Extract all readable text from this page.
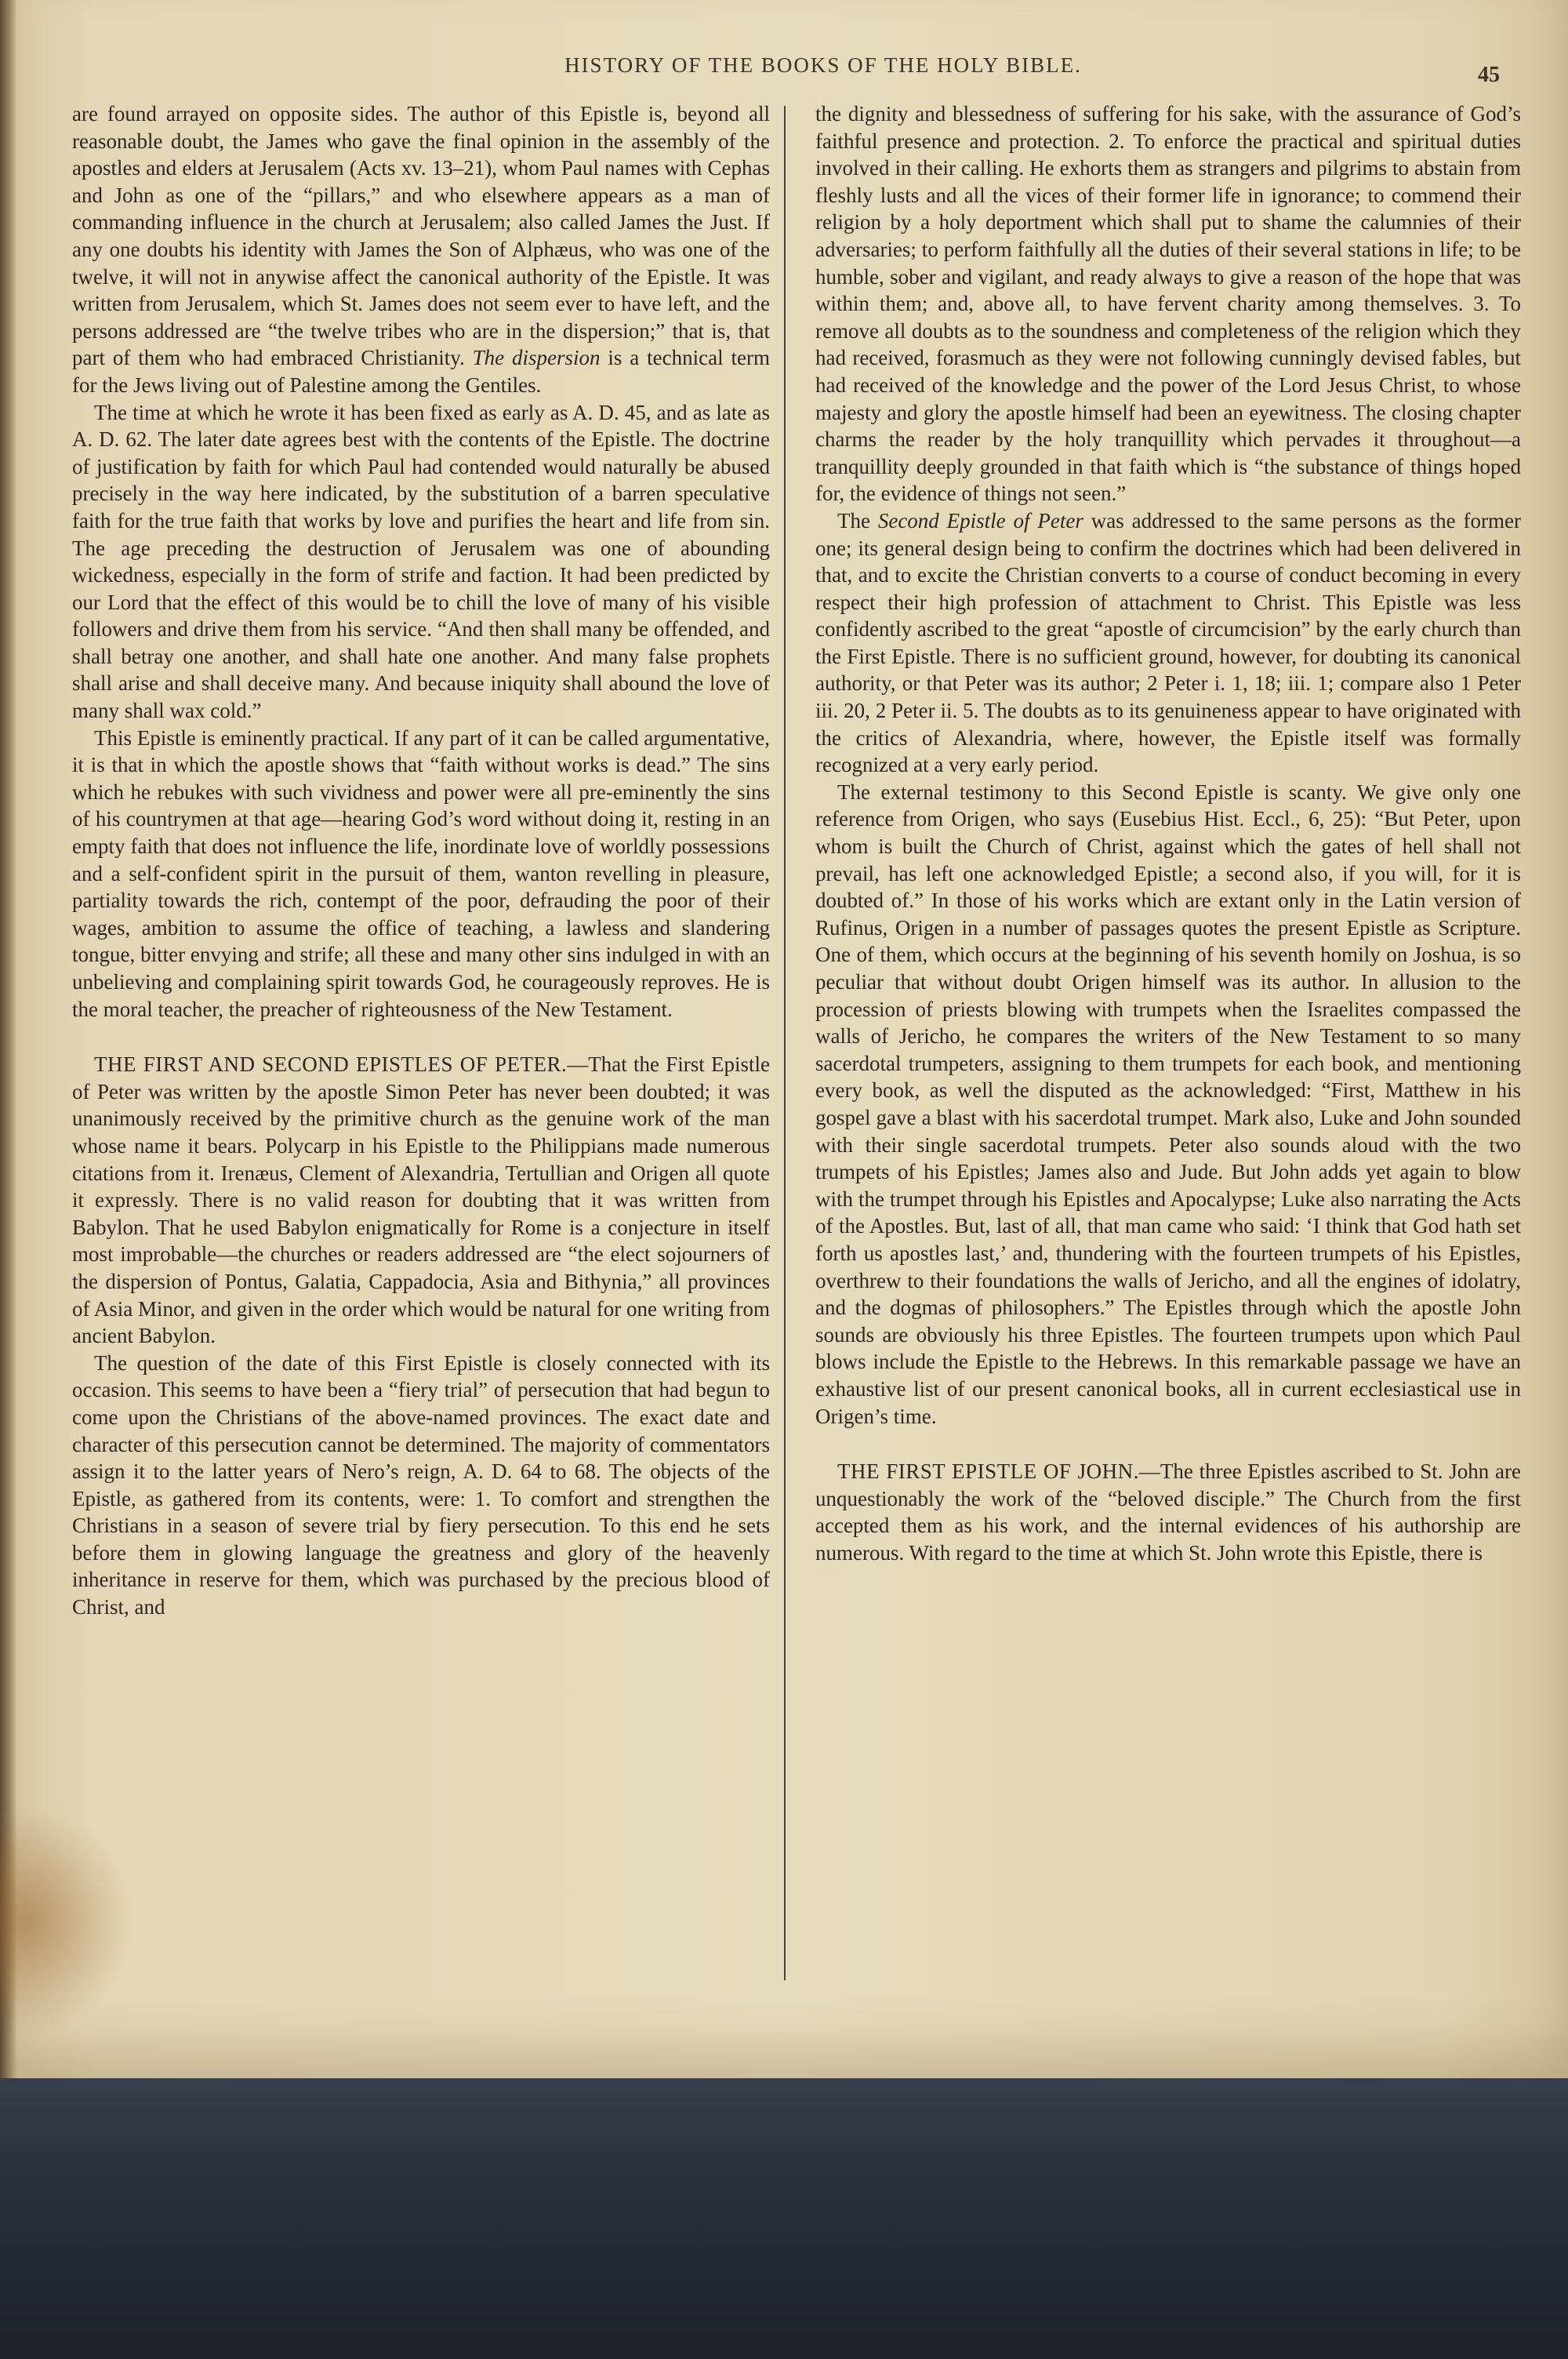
HISTORY OF THE BOOKS OF THE HOLY BIBLE.	45

are found arrayed on opposite sides. The author of this Epistle is, beyond all reasonable doubt, the James who gave the final opinion in the assembly of the apostles and elders at Jerusalem (Acts xv. 13–21), whom Paul names with Cephas and John as one of the “pillars,” and who elsewhere appears as a man of commanding influence in the church at Jerusalem; also called James the Just. If any one doubts his identity with James the Son of Alphæus, who was one of the twelve, it will not in anywise affect the canonical authority of the Epistle. It was written from Jerusalem, which St. James does not seem ever to have left, and the persons addressed are “the twelve tribes who are in the dispersion;” that is, that part of them who had embraced Christianity. The dispersion is a technical term for the Jews living out of Palestine among the Gentiles.

The time at which he wrote it has been fixed as early as A. D. 45, and as late as A. D. 62. The later date agrees best with the contents of the Epistle. The doctrine of justification by faith for which Paul had contended would naturally be abused precisely in the way here indicated, by the substitution of a barren speculative faith for the true faith that works by love and purifies the heart and life from sin. The age preceding the destruction of Jerusalem was one of abounding wickedness, especially in the form of strife and faction. It had been predicted by our Lord that the effect of this would be to chill the love of many of his visible followers and drive them from his service. “And then shall many be offended, and shall betray one another, and shall hate one another. And many false prophets shall arise and shall deceive many. And because iniquity shall abound the love of many shall wax cold.”

This Epistle is eminently practical. If any part of it can be called argumentative, it is that in which the apostle shows that “faith without works is dead.” The sins which he rebukes with such vividness and power were all pre-eminently the sins of his countrymen at that age—hearing God’s word without doing it, resting in an empty faith that does not influence the life, inordinate love of worldly possessions and a self-confident spirit in the pursuit of them, wanton revelling in pleasure, partiality towards the rich, contempt of the poor, defrauding the poor of their wages, ambition to assume the office of teaching, a lawless and slandering tongue, bitter envying and strife; all these and many other sins indulged in with an unbelieving and complaining spirit towards God, he courageously reproves. He is the moral teacher, the preacher of righteousness of the New Testament.

THE FIRST AND SECOND EPISTLES OF PETER.—That the First Epistle of Peter was written by the apostle Simon Peter has never been doubted; it was unanimously received by the primitive church as the genuine work of the man whose name it bears. Polycarp in his Epistle to the Philippians made numerous citations from it. Irenæus, Clement of Alexandria, Tertullian and Origen all quote it expressly. There is no valid reason for doubting that it was written from Babylon. That he used Babylon enigmatically for Rome is a conjecture in itself most improbable—the churches or readers addressed are “the elect sojourners of the dispersion of Pontus, Galatia, Cappadocia, Asia and Bithynia,” all provinces of Asia Minor, and given in the order which would be natural for one writing from ancient Babylon.

The question of the date of this First Epistle is closely connected with its occasion. This seems to have been a “fiery trial” of persecution that had begun to come upon the Christians of the above-named provinces. The exact date and character of this persecution cannot be determined. The majority of commentators assign it to the latter years of Nero’s reign, A. D. 64 to 68. The objects of the Epistle, as gathered from its contents, were: 1. To comfort and strengthen the Christians in a season of severe trial by fiery persecution. To this end he sets before them in glowing language the greatness and glory of the heavenly inheritance in reserve for them, which was purchased by the precious blood of Christ, and

the dignity and blessedness of suffering for his sake, with the assurance of God’s faithful presence and protection. 2. To enforce the practical and spiritual duties involved in their calling. He exhorts them as strangers and pilgrims to abstain from fleshly lusts and all the vices of their former life in ignorance; to commend their religion by a holy deportment which shall put to shame the calumnies of their adversaries; to perform faithfully all the duties of their several stations in life; to be humble, sober and vigilant, and ready always to give a reason of the hope that was within them; and, above all, to have fervent charity among themselves. 3. To remove all doubts as to the soundness and completeness of the religion which they had received, forasmuch as they were not following cunningly devised fables, but had received of the knowledge and the power of the Lord Jesus Christ, to whose majesty and glory the apostle himself had been an eyewitness. The closing chapter charms the reader by the holy tranquillity which pervades it throughout—a tranquillity deeply grounded in that faith which is “the substance of things hoped for, the evidence of things not seen.”

The Second Epistle of Peter was addressed to the same persons as the former one; its general design being to confirm the doctrines which had been delivered in that, and to excite the Christian converts to a course of conduct becoming in every respect their high profession of attachment to Christ. This Epistle was less confidently ascribed to the great “apostle of circumcision” by the early church than the First Epistle. There is no sufficient ground, however, for doubting its canonical authority, or that Peter was its author; 2 Peter i. 1, 18; iii. 1; compare also 1 Peter iii. 20, 2 Peter ii. 5. The doubts as to its genuineness appear to have originated with the critics of Alexandria, where, however, the Epistle itself was formally recognized at a very early period.

The external testimony to this Second Epistle is scanty. We give only one reference from Origen, who says (Eusebius Hist. Eccl., 6, 25): “But Peter, upon whom is built the Church of Christ, against which the gates of hell shall not prevail, has left one acknowledged Epistle; a second also, if you will, for it is doubted of.” In those of his works which are extant only in the Latin version of Rufinus, Origen in a number of passages quotes the present Epistle as Scripture. One of them, which occurs at the beginning of his seventh homily on Joshua, is so peculiar that without doubt Origen himself was its author. In allusion to the procession of priests blowing with trumpets when the Israelites compassed the walls of Jericho, he compares the writers of the New Testament to so many sacerdotal trumpeters, assigning to them trumpets for each book, and mentioning every book, as well the disputed as the acknowledged: “First, Matthew in his gospel gave a blast with his sacerdotal trumpet. Mark also, Luke and John sounded with their single sacerdotal trumpets. Peter also sounds aloud with the two trumpets of his Epistles; James also and Jude. But John adds yet again to blow with the trumpet through his Epistles and Apocalypse; Luke also narrating the Acts of the Apostles. But, last of all, that man came who said: ‘I think that God hath set forth us apostles last,’ and, thundering with the fourteen trumpets of his Epistles, overthrew to their foundations the walls of Jericho, and all the engines of idolatry, and the dogmas of philosophers.” The Epistles through which the apostle John sounds are obviously his three Epistles. The fourteen trumpets upon which Paul blows include the Epistle to the Hebrews. In this remarkable passage we have an exhaustive list of our present canonical books, all in current ecclesiastical use in Origen’s time.

THE FIRST EPISTLE OF JOHN.—The three Epistles ascribed to St. John are unquestionably the work of the “beloved disciple.” The Church from the first accepted them as his work, and the internal evidences of his authorship are numerous. With regard to the time at which St. John wrote this Epistle, there is
